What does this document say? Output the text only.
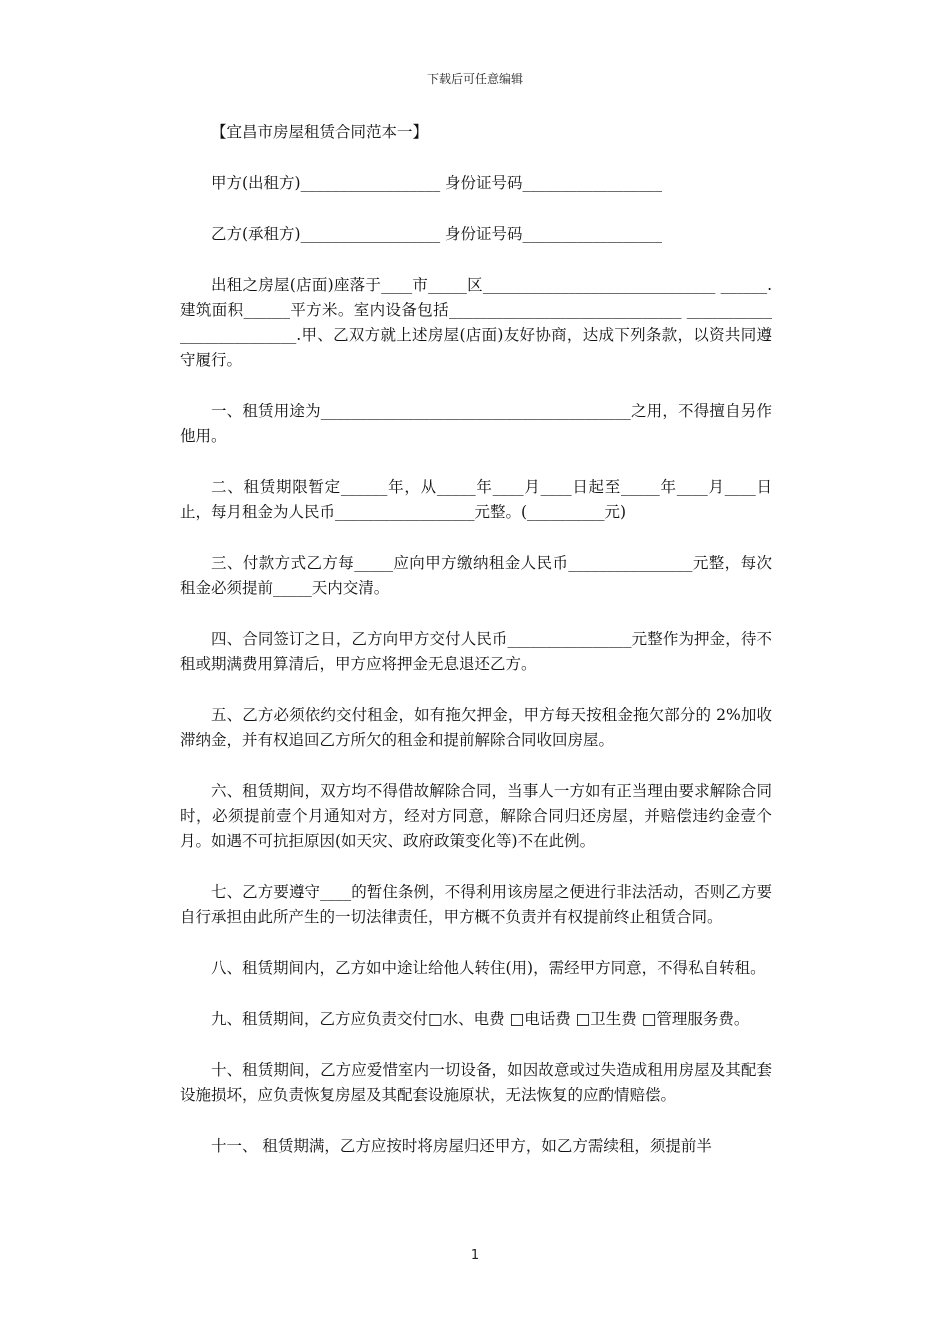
下载后可任意编辑

【宜昌市房屋租赁合同范本一】

甲方(出租方)__________________ 身份证号码__________________

乙方(承租方)__________________ 身份证号码__________________

出租之房屋(店面)座落于____市_____区______________________________ ______.建筑面积______平方米。室内设备包括______________________________ __________________________.甲、乙双方就上述房屋(店面)友好协商，达成下列条款，以资共同遵守履行。

一、租赁用途为________________________________________之用，不得擅自另作他用。

二、租赁期限暂定______年，从_____年____月____日起至_____年____月____日止，每月租金为人民币__________________元整。(__________元)

三、付款方式乙方每_____应向甲方缴纳租金人民币________________元整，每次租金必须提前_____天内交清。

四、合同签订之日，乙方向甲方交付人民币________________元整作为押金，待不租或期满费用算清后，甲方应将押金无息退还乙方。

五、乙方必须依约交付租金，如有拖欠押金，甲方每天按租金拖欠部分的 2%加收滞纳金，并有权追回乙方所欠的租金和提前解除合同收回房屋。

六、租赁期间，双方均不得借故解除合同，当事人一方如有正当理由要求解除合同时，必须提前壹个月通知对方，经对方同意，解除合同归还房屋，并赔偿违约金壹个月。如遇不可抗拒原因(如天灾、政府政策变化等)不在此例。

七、乙方要遵守____的暂住条例，不得利用该房屋之便进行非法活动，否则乙方要自行承担由此所产生的一切法律责任，甲方概不负责并有权提前终止租赁合同。

八、租赁期间内，乙方如中途让给他人转住(用)，需经甲方同意，不得私自转租。

九、租赁期间，乙方应负责交付□水、电费 □电话费 □卫生费 □管理服务费。

十、租赁期间，乙方应爱惜室内一切设备，如因故意或过失造成租用房屋及其配套设施损坏，应负责恢复房屋及其配套设施原状，无法恢复的应酌情赔偿。

十一、 租赁期满，乙方应按时将房屋归还甲方，如乙方需续租，须提前半

1
